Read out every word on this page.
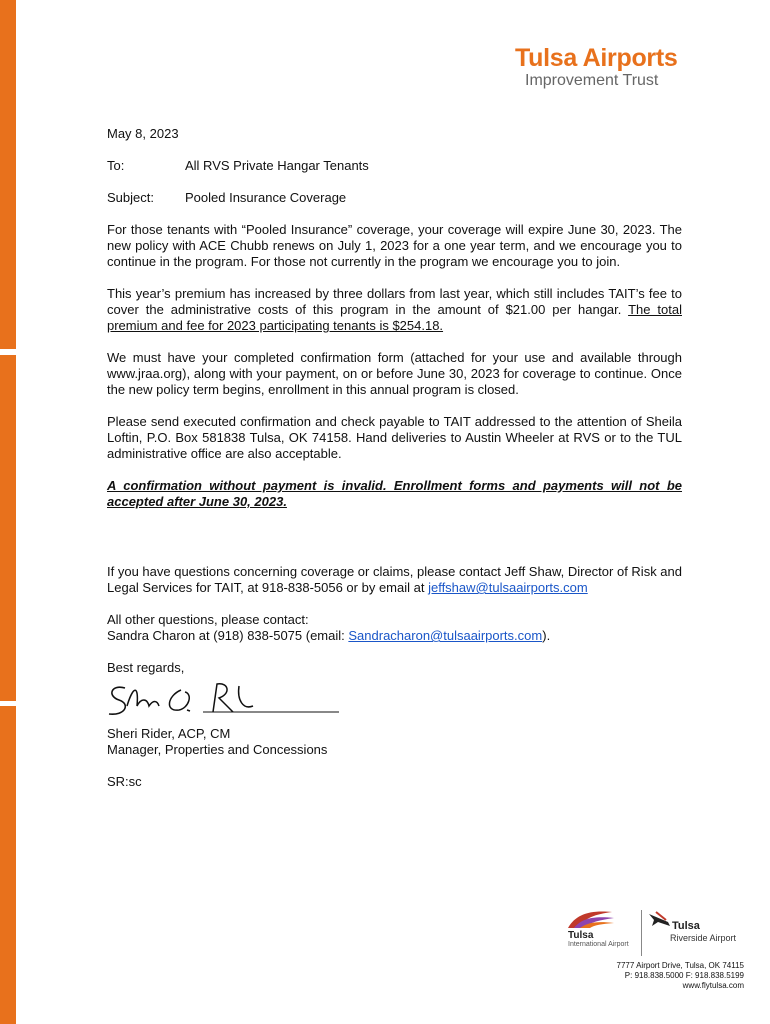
Tulsa Airports
Improvement Trust

May 8, 2023

To:	All RVS Private Hangar Tenants
Subject:	Pooled Insurance Coverage

For those tenants with “Pooled Insurance” coverage, your coverage will expire June 30, 2023. The new policy with ACE Chubb renews on July 1, 2023 for a one year term, and we encourage you to continue in the program. For those not currently in the program we encourage you to join.

This year’s premium has increased by three dollars from last year, which still includes TAIT’s fee to cover the administrative costs of this program in the amount of $21.00 per hangar. The total premium and fee for 2023 participating tenants is $254.18.

We must have your completed confirmation form (attached for your use and available through www.jraa.org), along with your payment, on or before June 30, 2023 for coverage to continue. Once the new policy term begins, enrollment in this annual program is closed.

Please send executed confirmation and check payable to TAIT addressed to the attention of Sheila Loftin, P.O. Box 581838 Tulsa, OK 74158. Hand deliveries to Austin Wheeler at RVS or to the TUL administrative office are also acceptable.

A confirmation without payment is invalid. Enrollment forms and payments will not be accepted after June 30, 2023.

If you have questions concerning coverage or claims, please contact Jeff Shaw, Director of Risk and Legal Services for TAIT, at 918-838-5056 or by email at jeffshaw@tulsaairports.com

All other questions, please contact:
Sandra Charon at (918) 838-5075 (email: Sandracharon@tulsaairports.com).

Best regards,

Sheri Rider, ACP, CM
Manager, Properties and Concessions

SR:sc

Tulsa
International Airport
Tulsa
Riverside Airport
7777 Airport Drive, Tulsa, OK 74115
P: 918.838.5000 F: 918.838.5199
www.flytulsa.com
